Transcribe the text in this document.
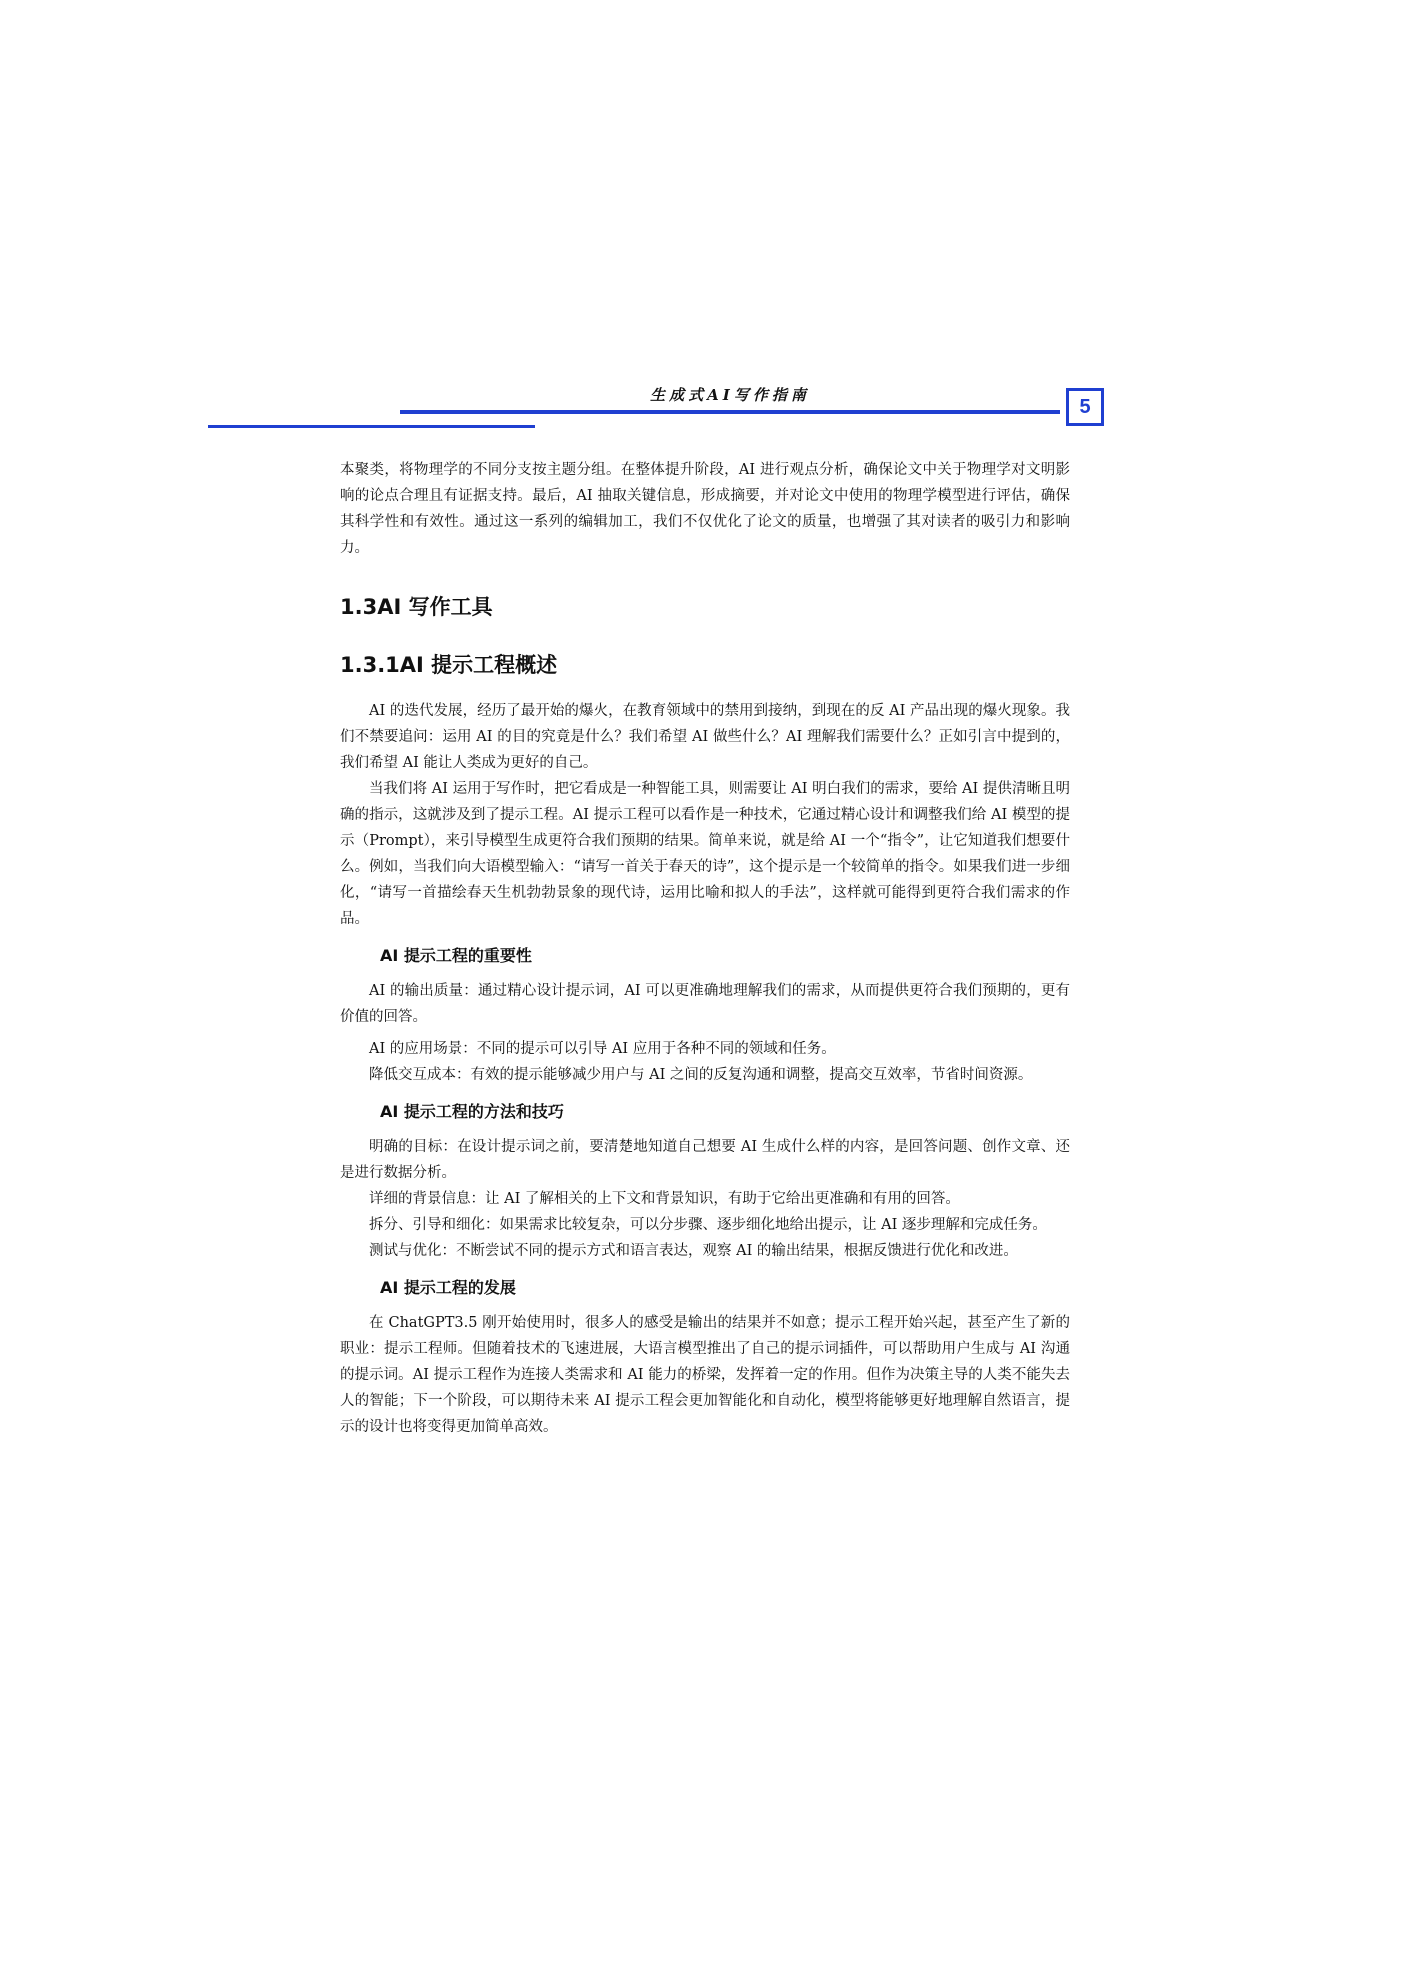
生成式AI写作指南
5

本聚类，将物理学的不同分支按主题分组。在整体提升阶段，AI 进行观点分析，确保论文中关于物理学对文明影响的论点合理且有证据支持。最后，AI 抽取关键信息，形成摘要，并对论文中使用的物理学模型进行评估，确保其科学性和有效性。通过这一系列的编辑加工，我们不仅优化了论文的质量，也增强了其对读者的吸引力和影响力。

1.3AI 写作工具
1.3.1AI 提示工程概述

AI 的迭代发展，经历了最开始的爆火，在教育领域中的禁用到接纳，到现在的反 AI 产品出现的爆火现象。我们不禁要追问：运用 AI 的目的究竟是什么？我们希望 AI 做些什么？AI 理解我们需要什么？正如引言中提到的，我们希望 AI 能让人类成为更好的自己。

当我们将 AI 运用于写作时，把它看成是一种智能工具，则需要让 AI 明白我们的需求，要给 AI 提供清晰且明确的指示，这就涉及到了提示工程。AI 提示工程可以看作是一种技术，它通过精心设计和调整我们给 AI 模型的提示（Prompt），来引导模型生成更符合我们预期的结果。简单来说，就是给 AI 一个“指令”，让它知道我们想要什么。例如，当我们向大语模型输入：“请写一首关于春天的诗”，这个提示是一个较简单的指令。如果我们进一步细化，“请写一首描绘春天生机勃勃景象的现代诗，运用比喻和拟人的手法”，这样就可能得到更符合我们需求的作品。

AI 提示工程的重要性

AI 的输出质量：通过精心设计提示词，AI 可以更准确地理解我们的需求，从而提供更符合我们预期的，更有价值的回答。

AI 的应用场景：不同的提示可以引导 AI 应用于各种不同的领域和任务。

降低交互成本：有效的提示能够减少用户与 AI 之间的反复沟通和调整，提高交互效率，节省时间资源。

AI 提示工程的方法和技巧

明确的目标：在设计提示词之前，要清楚地知道自己想要 AI 生成什么样的内容，是回答问题、创作文章、还是进行数据分析。

详细的背景信息：让 AI 了解相关的上下文和背景知识，有助于它给出更准确和有用的回答。

拆分、引导和细化：如果需求比较复杂，可以分步骤、逐步细化地给出提示，让 AI 逐步理解和完成任务。

测试与优化：不断尝试不同的提示方式和语言表达，观察 AI 的输出结果，根据反馈进行优化和改进。

AI 提示工程的发展

在 ChatGPT3.5 刚开始使用时，很多人的感受是输出的结果并不如意；提示工程开始兴起，甚至产生了新的职业：提示工程师。但随着技术的飞速进展，大语言模型推出了自己的提示词插件，可以帮助用户生成与 AI 沟通的提示词。AI 提示工程作为连接人类需求和 AI 能力的桥梁，发挥着一定的作用。但作为决策主导的人类不能失去人的智能；下一个阶段，可以期待未来 AI 提示工程会更加智能化和自动化，模型将能够更好地理解自然语言，提示的设计也将变得更加简单高效。
